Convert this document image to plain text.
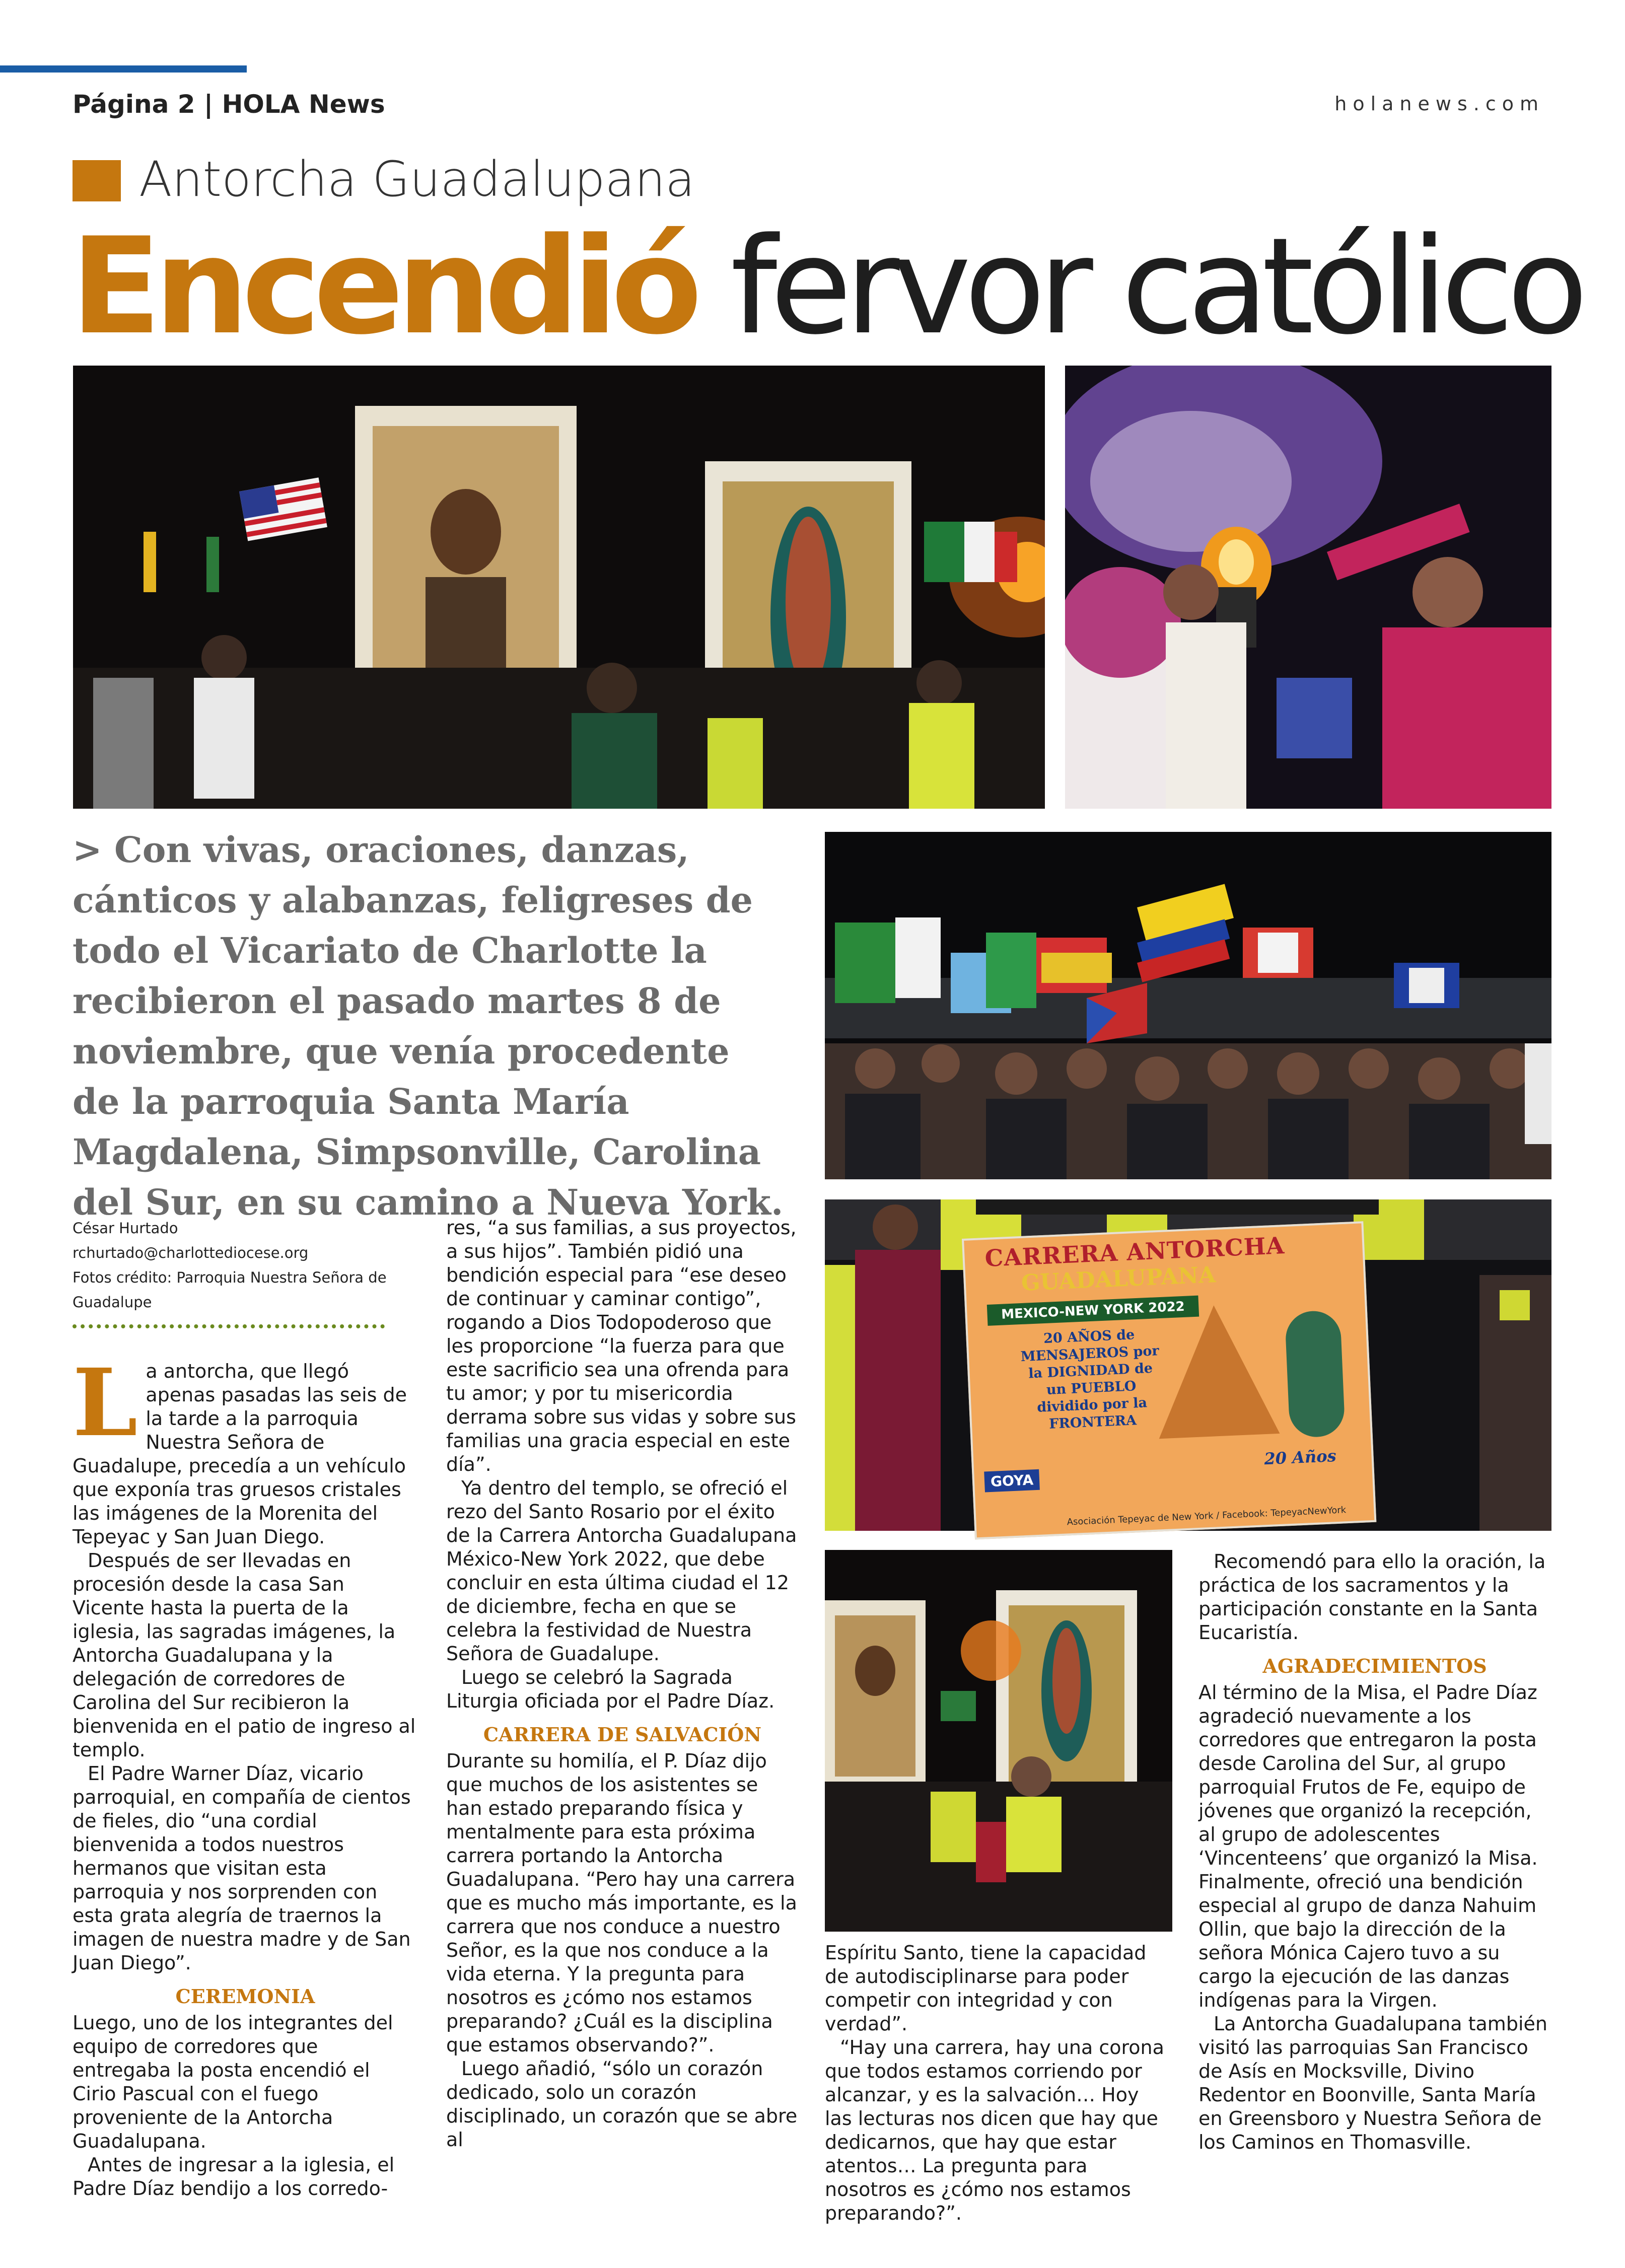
Página 2 | HOLA News	holanews.com
Antorcha Guadalupana
Encendió fervor católico
CARRERA ANTORCHA
GUADALUPANA
MEXICO-NEW YORK 2022
20 AÑOS de MENSAJEROS por la DIGNIDAD de un PUEBLO dividido por la FRONTERA
GOYA
20 Años
Asociación Tepeyac de New York / Facebook: TepeyacNewYork
> Con vivas, oraciones, danzas, cánticos y alabanzas, feligreses de todo el Vicariato de Charlotte la recibieron el pasado martes 8 de noviembre, que venía procedente de la parroquia Santa María Magdalena, Simpsonville, Carolina del Sur, en su camino a Nueva York.
César Hurtado
rchurtado@charlottediocese.org
Fotos crédito: Parroquia Nuestra Señora de Guadalupe

La antorcha, que llegó apenas pasadas las seis de la tarde a la parroquia Nuestra Señora de Guadalupe, precedía a un vehículo que exponía tras gruesos cristales las imágenes de la Morenita del Tepeyac y San Juan Diego.

Después de ser llevadas en procesión desde la casa San Vicente hasta la puerta de la iglesia, las sagradas imágenes, la Antorcha Guadalupana y la delegación de corredores de Carolina del Sur recibieron la bienvenida en el patio de ingreso al templo.

El Padre Warner Díaz, vicario parroquial, en compañía de cientos de fieles, dio “una cordial bienvenida a todos nuestros hermanos que visitan esta parroquia y nos sorprenden con esta grata alegría de traernos la imagen de nuestra madre y de San Juan Diego”.

CEREMONIA

Luego, uno de los integrantes del equipo de corredores que entregaba la posta encendió el Cirio Pascual con el fuego proveniente de la Antorcha Guadalupana.

Antes de ingresar a la iglesia, el Padre Díaz bendijo a los corredo-

res, “a sus familias, a sus proyectos, a sus hijos”. También pidió una bendición especial para “ese deseo de continuar y caminar contigo”, rogando a Dios Todopoderoso que les proporcione “la fuerza para que este sacrificio sea una ofrenda para tu amor; y por tu misericordia derrama sobre sus vidas y sobre sus familias una gracia especial en este día”.

Ya dentro del templo, se ofreció el rezo del Santo Rosario por el éxito de la Carrera Antorcha Guadalupana México-New York 2022, que debe concluir en esta última ciudad el 12 de diciembre, fecha en que se celebra la festividad de Nuestra Señora de Guadalupe.

Luego se celebró la Sagrada Liturgia oficiada por el Padre Díaz.

CARRERA DE SALVACIÓN

Durante su homilía, el P. Díaz dijo que muchos de los asistentes se han estado preparando física y mentalmente para esta próxima carrera portando la Antorcha Guadalupana. “Pero hay una carrera que es mucho más importante, es la carrera que nos conduce a nuestro Señor, es la que nos conduce a la vida eterna. Y la pregunta para nosotros es ¿cómo nos estamos preparando? ¿Cuál es la disciplina que estamos observando?”.

Luego añadió, “sólo un corazón dedicado, solo un corazón disciplinado, un corazón que se abre al

Espíritu Santo, tiene la capacidad de autodisciplinarse para poder competir con integridad y con verdad”.

“Hay una carrera, hay una corona que todos estamos corriendo por alcanzar, y es la salvación… Hoy las lecturas nos dicen que hay que dedicarnos, que hay que estar atentos… La pregunta para nosotros es ¿cómo nos estamos preparando?”.

Recomendó para ello la oración, la práctica de los sacramentos y la participación constante en la Santa Eucaristía.

AGRADECIMIENTOS

Al término de la Misa, el Padre Díaz agradeció nuevamente a los corredores que entregaron la posta desde Carolina del Sur, al grupo parroquial Frutos de Fe, equipo de jóvenes que organizó la recepción, al grupo de adolescentes ‘Vincenteens’ que organizó la Misa. Finalmente, ofreció una bendición especial al grupo de danza Nahuim Ollin, que bajo la dirección de la señora Mónica Cajero tuvo a su cargo la ejecución de las danzas indígenas para la Virgen.

La Antorcha Guadalupana también visitó las parroquias San Francisco de Asís en Mocksville, Divino Redentor en Boonville, Santa María en Greensboro y Nuestra Señora de los Caminos en Thomasville.
